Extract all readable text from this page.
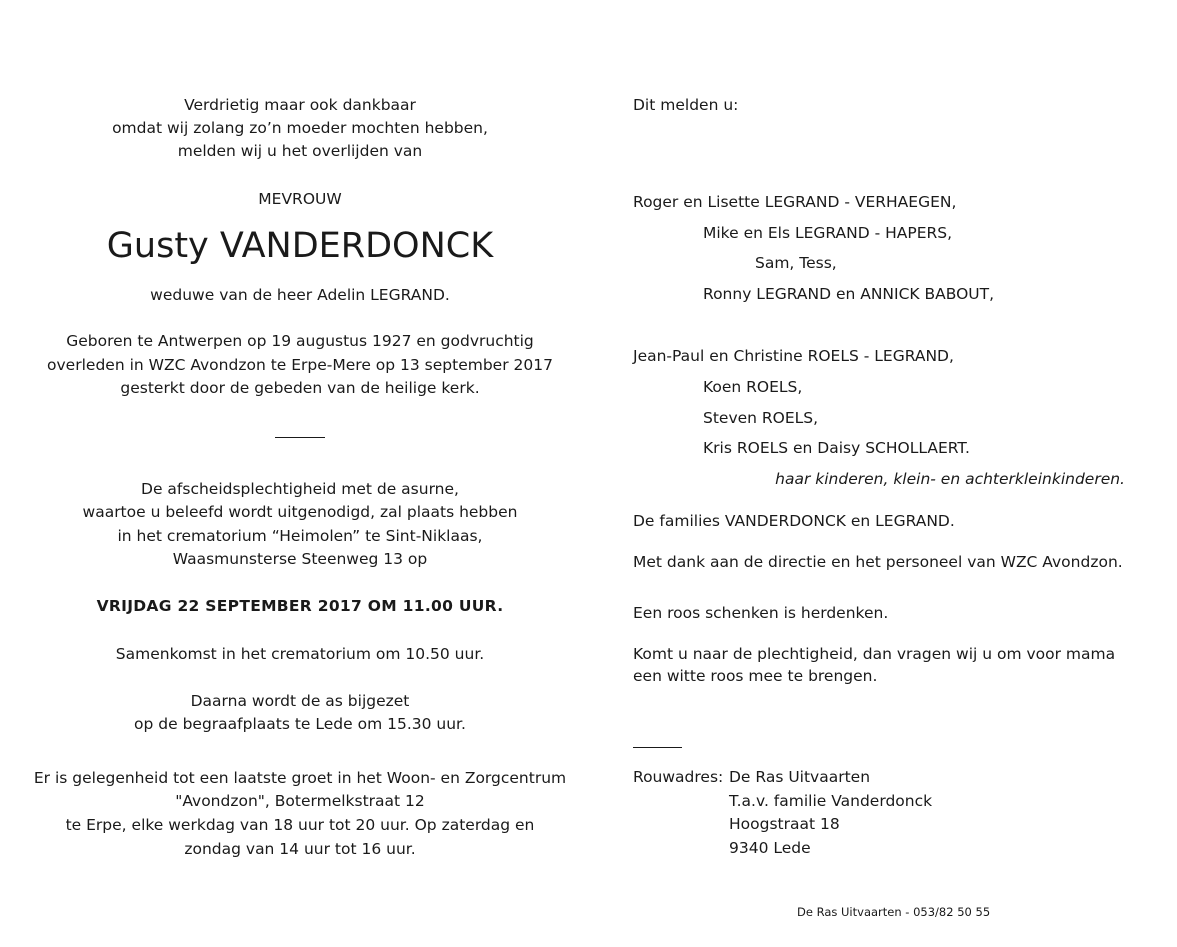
Verdrietig maar ook dankbaar
omdat wij zolang zo’n moeder mochten hebben,
melden wij u het overlijden van
MEVROUW
Gusty VANDERDONCK
weduwe van de heer Adelin LEGRAND.
Geboren te Antwerpen op 19 augustus 1927 en godvruchtig
overleden in WZC Avondzon te Erpe-Mere op 13 september 2017
gesterkt door de gebeden van de heilige kerk.
De afscheidsplechtigheid met de asurne,
waartoe u beleefd wordt uitgenodigd, zal plaats hebben
in het crematorium “Heimolen” te Sint-Niklaas,
Waasmunsterse Steenweg 13 op
VRIJDAG 22 SEPTEMBER 2017 OM 11.00 UUR.
Samenkomst in het crematorium om 10.50 uur.
Daarna wordt de as bijgezet
op de begraafplaats te Lede om 15.30 uur.
Er is gelegenheid tot een laatste groet in het Woon- en Zorgcentrum
"Avondzon", Botermelkstraat 12
te Erpe, elke werkdag van 18 uur tot 20 uur. Op zaterdag en
zondag van 14 uur tot 16 uur.
Dit melden u:
Roger en Lisette LEGRAND - VERHAEGEN,
Mike en Els LEGRAND - HAPERS,
Sam, Tess,
Ronny LEGRAND en ANNICK BABOUT,
Jean-Paul en Christine ROELS - LEGRAND,
Koen ROELS,
Steven ROELS,
Kris ROELS en Daisy SCHOLLAERT.
haar kinderen, klein- en achterkleinkinderen.
De families VANDERDONCK en LEGRAND.
Met dank aan de directie en het personeel van WZC Avondzon.
Een roos schenken is herdenken.
Komt u naar de plechtigheid, dan vragen wij u om voor mama
een witte roos mee te brengen.
Rouwadres: De Ras Uitvaarten
T.a.v. familie Vanderdonck
Hoogstraat 18
9340 Lede
De Ras Uitvaarten - 053/82 50 55
